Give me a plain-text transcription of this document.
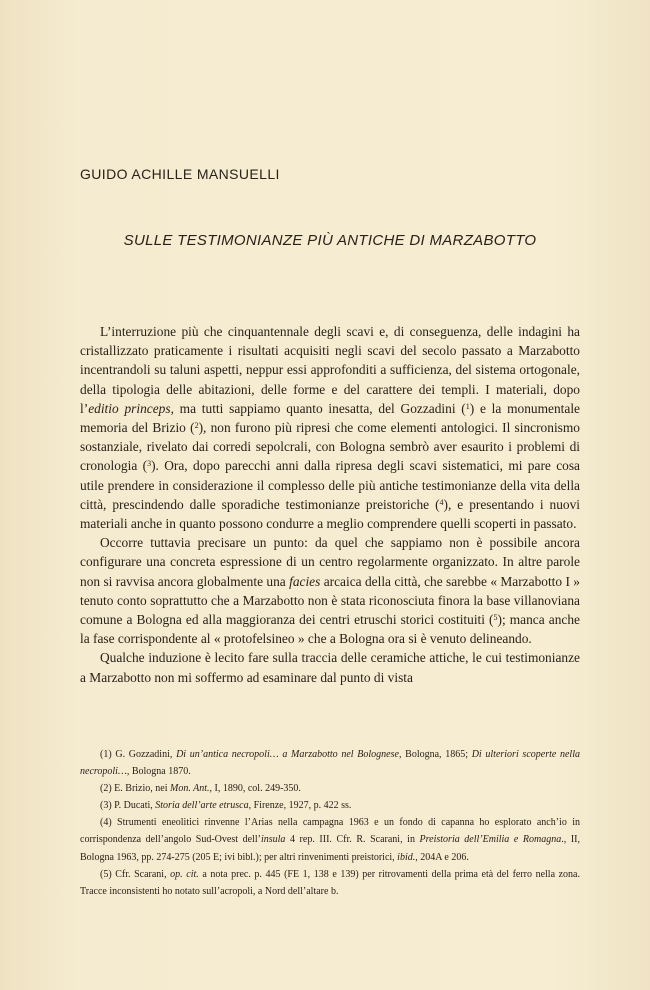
GUIDO ACHILLE MANSUELLI
SULLE TESTIMONIANZE PIÙ ANTICHE DI MARZABOTTO

L’interruzione più che cinquantennale degli scavi e, di conseguenza, delle indagini ha cristallizzato praticamente i risultati acquisiti negli scavi del secolo passato a Marzabotto incentrandoli su taluni aspetti, neppur essi approfonditi a sufficienza, del sistema ortogonale, della tipologia delle abitazioni, delle forme e del carattere dei templi. I materiali, dopo l’editio princeps, ma tutti sappiamo quanto inesatta, del Gozzadini ($^1$) e la monumentale memoria del Brizio ($^2$), non furono più ripresi che come elementi antologici. Il sincronismo sostanziale, rivelato dai corredi sepolcrali, con Bologna sembrò aver esaurito i problemi di cronologia ($^3$). Ora, dopo parecchi anni dalla ripresa degli scavi sistematici, mi pare cosa utile prendere in considerazione il complesso delle più antiche testimonianze della vita della città, prescindendo dalle sporadiche testimonianze preistoriche ($^4$), e presentando i nuovi materiali anche in quanto possono condurre a meglio comprendere quelli scoperti in passato.

Occorre tuttavia precisare un punto: da quel che sappiamo non è possibile ancora configurare una concreta espressione di un centro regolarmente organizzato. In altre parole non si ravvisa ancora globalmente una facies arcaica della città, che sarebbe « Marzabotto I » tenuto conto soprattutto che a Marzabotto non è stata riconosciuta finora la base villanoviana comune a Bologna ed alla maggioranza dei centri etruschi storici costituiti ($^5$); manca anche la fase corrispondente al « protofelsineo » che a Bologna ora si è venuto delineando.

Qualche induzione è lecito fare sulla traccia delle ceramiche attiche, le cui testimonianze a Marzabotto non mi soffermo ad esaminare dal punto di vista

(1) G. Gozzadini, Di un’antica necropoli… a Marzabotto nel Bolognese, Bologna, 1865; Di ulteriori scoperte nella necropoli…, Bologna 1870.

(2) E. Brizio, nei Mon. Ant., I, 1890, col. 249-350.

(3) P. Ducati, Storia dell’arte etrusca, Firenze, 1927, p. 422 ss.

(4) Strumenti eneolitici rinvenne l’Arias nella campagna 1963 e un fondo di capanna ho esplorato anch’io in corrispondenza dell’angolo Sud-Ovest dell’insula 4 rep. III. Cfr. R. Scarani, in Preistoria dell’Emilia e Romagna., II, Bologna 1963, pp. 274-275 (205 E; ivi bibl.); per altri rinvenimenti preistorici, ibid., 204A e 206.

(5) Cfr. Scarani, op. cit. a nota prec. p. 445 (FE 1, 138 e 139) per ritrovamenti della prima età del ferro nella zona. Tracce inconsistenti ho notato sull’acropoli, a Nord dell’altare b.
